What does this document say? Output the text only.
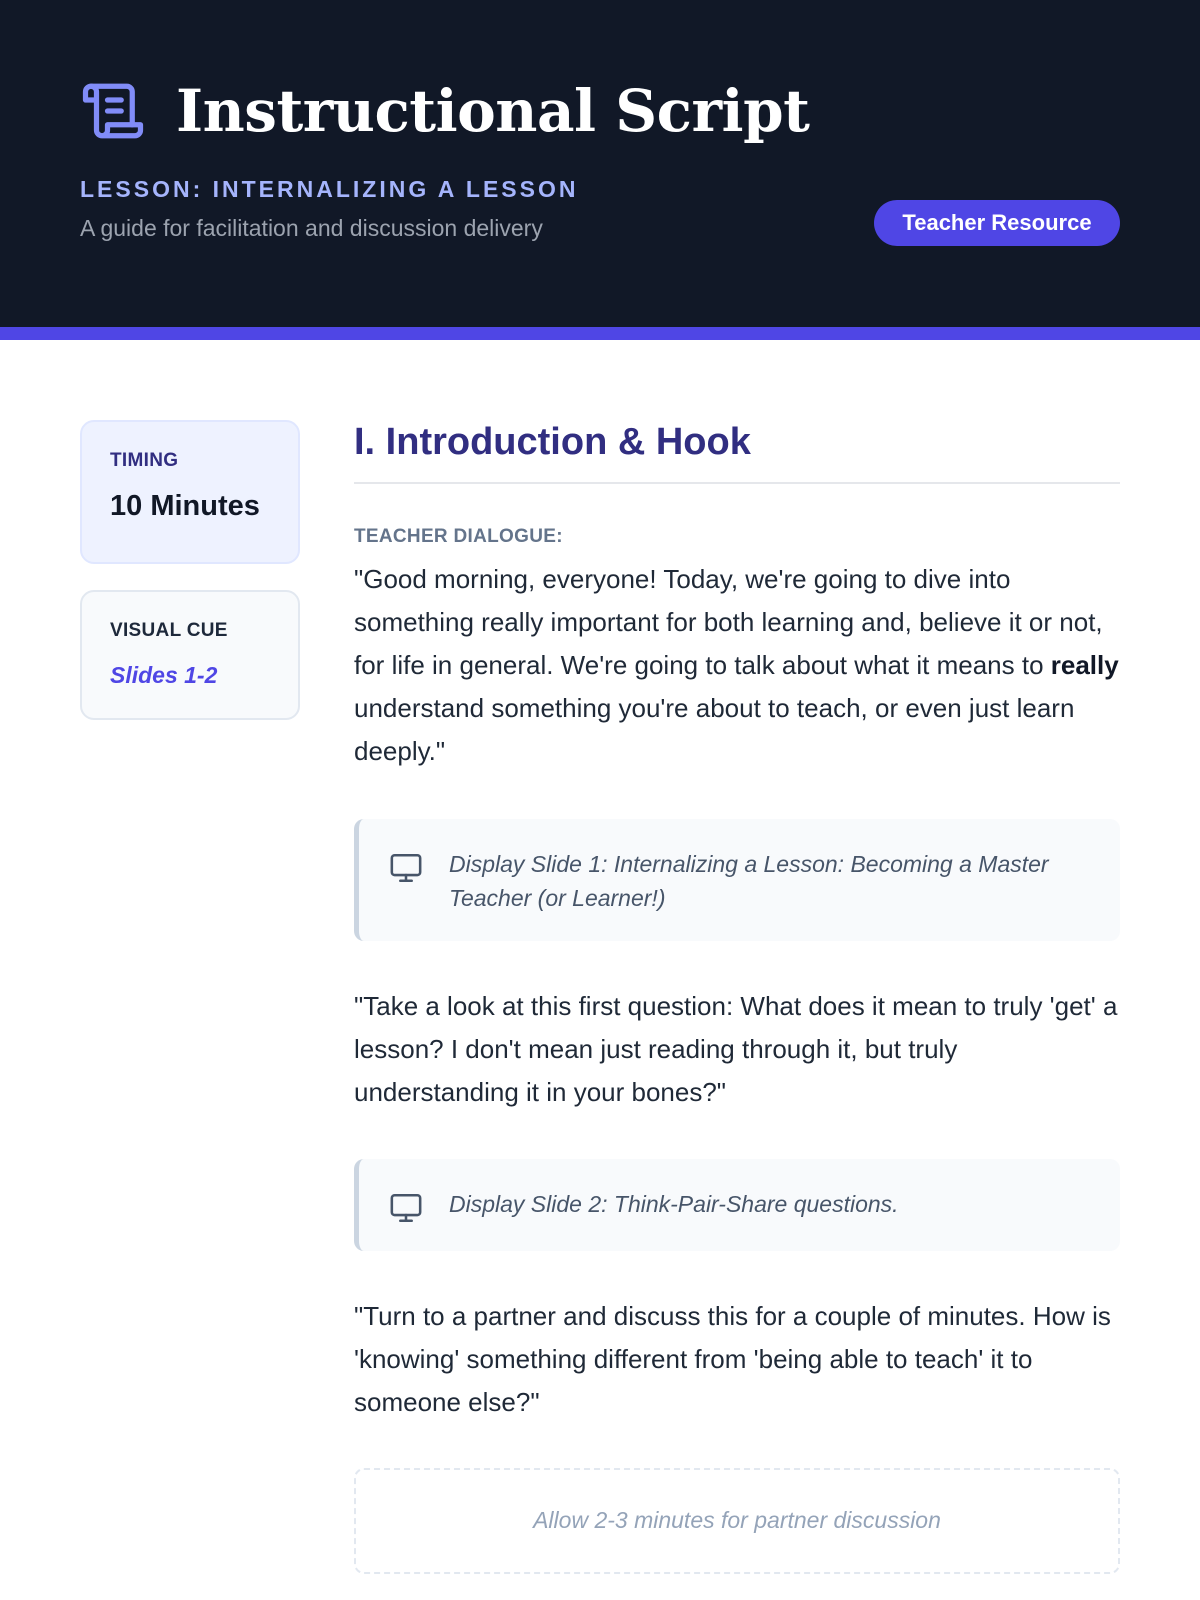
Instructional Script
LESSON: INTERNALIZING A LESSON
A guide for facilitation and discussion delivery	Teacher Resource
TIMING
10 Minutes
VISUAL CUE
Slides 1-2
I. Introduction & Hook
TEACHER DIALOGUE:

"Good morning, everyone! Today, we're going to dive into something really important for both learning and, believe it or not, for life in general. We're going to talk about what it means to really understand something you're about to teach, or even just learn deeply."

Display Slide 1: Internalizing a Lesson: Becoming a Master Teacher (or Learner!)

"Take a look at this first question: What does it mean to truly 'get' a lesson? I don't mean just reading through it, but truly understanding it in your bones?"

Display Slide 2: Think-Pair-Share questions.

"Turn to a partner and discuss this for a couple of minutes. How is 'knowing' something different from 'being able to teach' it to someone else?"

Allow 2-3 minutes for partner discussion
